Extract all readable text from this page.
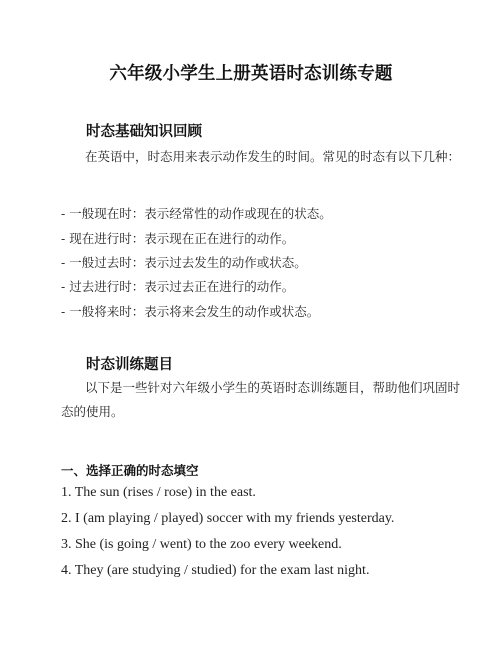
六年级小学生上册英语时态训练专题
时态基础知识回顾
在英语中，时态用来表示动作发生的时间。常见的时态有以下几种：
- 一般现在时：表示经常性的动作或现在的状态。
- 现在进行时：表示现在正在进行的动作。
- 一般过去时：表示过去发生的动作或状态。
- 过去进行时：表示过去正在进行的动作。
- 一般将来时：表示将来会发生的动作或状态。
时态训练题目
以下是一些针对六年级小学生的英语时态训练题目，帮助他们巩固时态的使用。
一、选择正确的时态填空
1. The sun (rises / rose) in the east.
2. I (am playing / played) soccer with my friends yesterday.
3. She (is going / went) to the zoo every weekend.
4. They (are studying / studied) for the exam last night.
